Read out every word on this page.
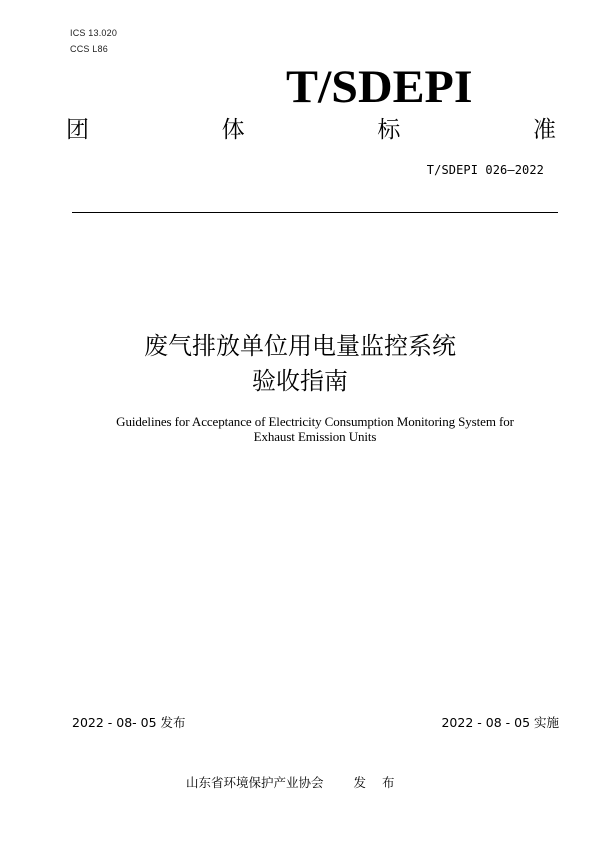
ICS 13.020
CCS L86
T/SDEPI
团	体	标	准
T/SDEPI 026—2022
废气排放单位用电量监控系统
验收指南
Guidelines for Acceptance of Electricity Consumption Monitoring System for
Exhaust Emission Units
2022 - 08- 05 发布	2022 - 08 - 05 实施
山东省环境保护产业协会 发 布
